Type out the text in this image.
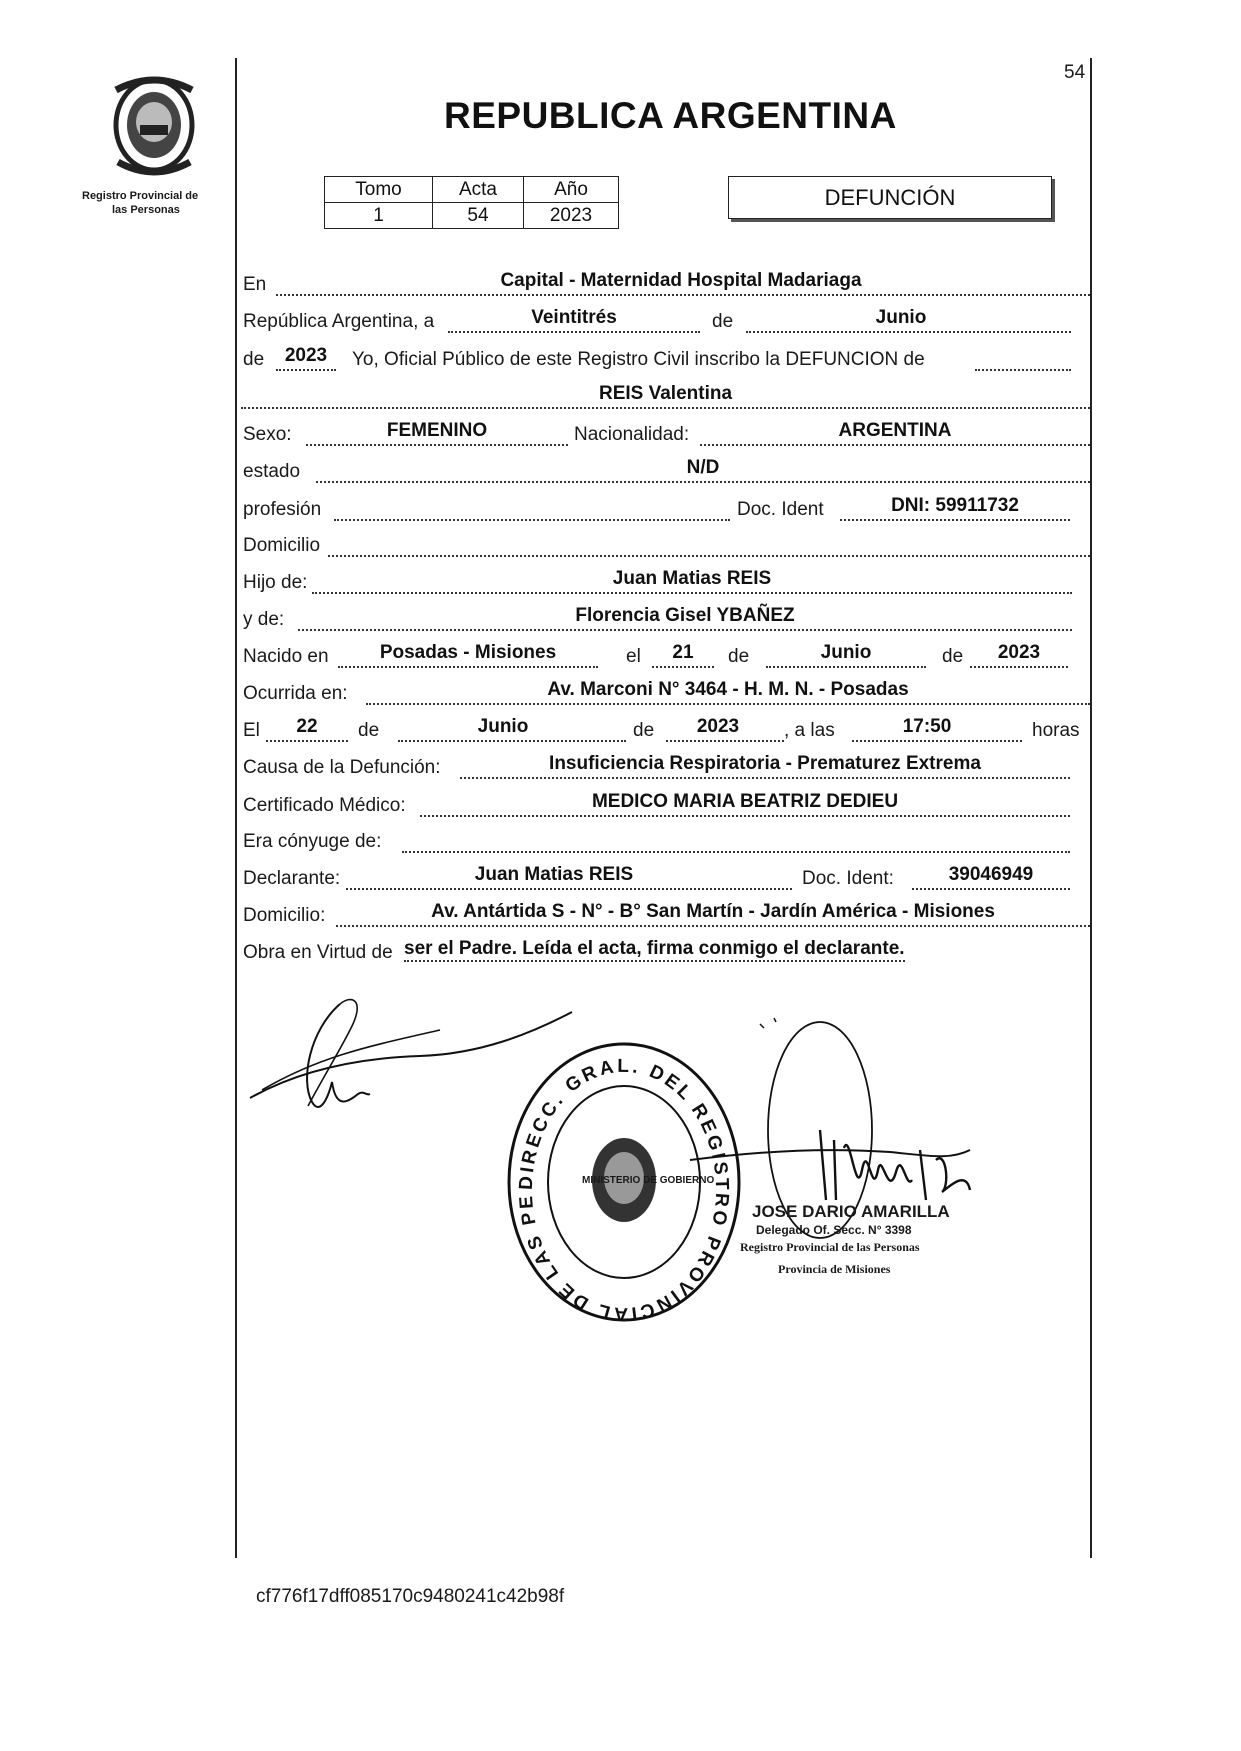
Registro Provincial de
las Personas
54
REPUBLICA ARGENTINA
Tomo	Acta	Año
1	54	2023
DEFUNCIÓN
En	Capital - Maternidad Hospital Madariaga
República Argentina, a	Veintitrés	de	Junio
de	2023	Yo, Oficial Público de este Registro Civil inscribo la DEFUNCION de
REIS Valentina
Sexo:	FEMENINO	Nacionalidad:	ARGENTINA
estado	N/D
profesión	Doc. Ident	DNI: 59911732
Domicilio
Hijo de:	Juan Matias REIS
y de:	Florencia Gisel YBAÑEZ
Nacido en	Posadas - Misiones	el	21	de	Junio	de	2023
Ocurrida en:	Av. Marconi N° 3464 - H. M. N. - Posadas
El	22	de	Junio	de	2023	, a las	17:50	horas
Causa de la Defunción:	Insuficiencia Respiratoria - Prematurez Extrema
Certificado Médico:	MEDICO MARIA BEATRIZ DEDIEU
Era cónyuge de:
Declarante:	Juan Matias REIS	Doc. Ident:	39046949
Domicilio:	Av. Antártida S - N° - B° San Martín - Jardín América - Misiones
Obra en Virtud de ser el Padre. Leída el acta, firma conmigo el declarante.
DIRECC. GRAL. DEL REGISTRO PROVINCIAL DE LAS PE
MINISTERIO DE GOBIERNO
JOSE DARIO AMARILLA
Delegado Of. Secc. N° 3398
Registro Provincial de las Personas
Provincia de Misiones
cf776f17dff085170c9480241c42b98f
